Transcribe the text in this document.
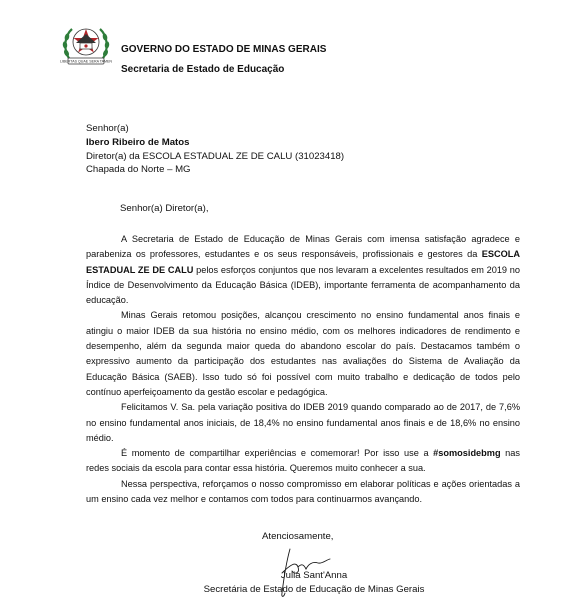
LIBERTAS QUAE SERA TAMEN
GOVERNO DO ESTADO DE MINAS GERAIS
Secretaria de Estado de Educação
Senhor(a)
Ibero Ribeiro de Matos
Diretor(a) da ESCOLA ESTADUAL ZE DE CALU (31023418)
Chapada do Norte – MG
Senhor(a) Diretor(a),

A Secretaria de Estado de Educação de Minas Gerais com imensa satisfação agradece e parabeniza os professores, estudantes e os seus responsáveis, profissionais e gestores da ESCOLA ESTADUAL ZE DE CALU pelos esforços conjuntos que nos levaram a excelentes resultados em 2019 no Índice de Desenvolvimento da Educação Básica (IDEB), importante ferramenta de acompanhamento da educação.

Minas Gerais retomou posições, alcançou crescimento no ensino fundamental anos finais e atingiu o maior IDEB da sua história no ensino médio, com os melhores indicadores de rendimento e desempenho, além da segunda maior queda do abandono escolar do país. Destacamos também o expressivo aumento da participação dos estudantes nas avaliações do Sistema de Avaliação da Educação Básica (SAEB). Isso tudo só foi possível com muito trabalho e dedicação de todos pelo contínuo aperfeiçoamento da gestão escolar e pedagógica.

Felicitamos V. Sa. pela variação positiva do IDEB 2019 quando comparado ao de 2017, de 7,6% no ensino fundamental anos iniciais, de 18,4% no ensino fundamental anos finais e de 18,6% no ensino médio.

É momento de compartilhar experiências e comemorar! Por isso use a #somosidebmg nas redes sociais da escola para contar essa história. Queremos muito conhecer a sua.

Nessa perspectiva, reforçamos o nosso compromisso em elaborar políticas e ações orientadas a um ensino cada vez melhor e contamos com todos para continuarmos avançando.

Atenciosamente,
Julia Sant'Anna
Secretária de Estado de Educação de Minas Gerais
